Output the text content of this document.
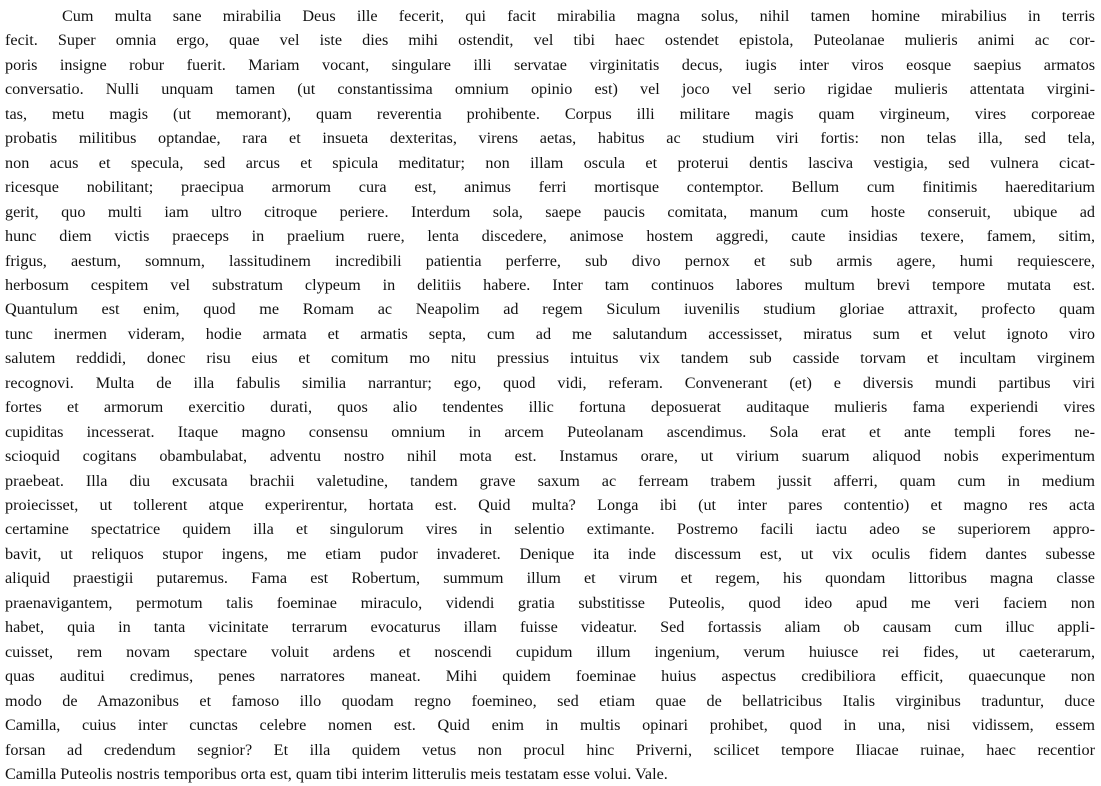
Cum multa sane mirabilia Deus ille fecerit, qui facit mirabilia magna solus, nihil tamen homine mirabilius in terris

fecit. Super omnia ergo, quae vel iste dies mihi ostendit, vel tibi haec ostendet epistola, Puteolanae mulieris animi ac cor-

poris insigne robur fuerit. Mariam vocant, singulare illi servatae virginitatis decus, iugis inter viros eosque saepius armatos

conversatio. Nulli unquam tamen (ut constantissima omnium opinio est) vel joco vel serio rigidae mulieris attentata virgini-

tas, metu magis (ut memorant), quam reverentia prohibente. Corpus illi militare magis quam virgineum, vires corporeae

probatis militibus optandae, rara et insueta dexteritas, virens aetas, habitus ac studium viri fortis: non telas illa, sed tela,

non acus et specula, sed arcus et spicula meditatur; non illam oscula et proterui dentis lasciva vestigia, sed vulnera cicat-

ricesque nobilitant; praecipua armorum cura est, animus ferri mortisque contemptor. Bellum cum finitimis haereditarium

gerit, quo multi iam ultro citroque periere. Interdum sola, saepe paucis comitata, manum cum hoste conseruit, ubique ad

hunc diem victis praeceps in praelium ruere, lenta discedere, animose hostem aggredi, caute insidias texere, famem, sitim,

frigus, aestum, somnum, lassitudinem incredibili patientia perferre, sub divo pernox et sub armis agere, humi requiescere,

herbosum cespitem vel substratum clypeum in delitiis habere. Inter tam continuos labores multum brevi tempore mutata est.

Quantulum est enim, quod me Romam ac Neapolim ad regem Siculum iuvenilis studium gloriae attraxit, profecto quam

tunc inermen videram, hodie armata et armatis septa, cum ad me salutandum accessisset, miratus sum et velut ignoto viro

salutem reddidi, donec risu eius et comitum mo nitu pressius intuitus vix tandem sub casside torvam et incultam virginem

recognovi. Multa de illa fabulis similia narrantur; ego, quod vidi, referam. Convenerant (et) e diversis mundi partibus viri

fortes et armorum exercitio durati, quos alio tendentes illic fortuna deposuerat auditaque mulieris fama experiendi vires

cupiditas incesserat. Itaque magno consensu omnium in arcem Puteolanam ascendimus. Sola erat et ante templi fores ne-

scioquid cogitans obambulabat, adventu nostro nihil mota est. Instamus orare, ut virium suarum aliquod nobis experimentum

praebeat. Illa diu excusata brachii valetudine, tandem grave saxum ac ferream trabem jussit afferri, quam cum in medium

proiecisset, ut tollerent atque experirentur, hortata est. Quid multa? Longa ibi (ut inter pares contentio) et magno res acta

certamine spectatrice quidem illa et singulorum vires in selentio extimante. Postremo facili iactu adeo se superiorem appro-

bavit, ut reliquos stupor ingens, me etiam pudor invaderet. Denique ita inde discessum est, ut vix oculis fidem dantes subesse

aliquid praestigii putaremus. Fama est Robertum, summum illum et virum et regem, his quondam littoribus magna classe

praenavigantem, permotum talis foeminae miraculo, videndi gratia substitisse Puteolis, quod ideo apud me veri faciem non

habet, quia in tanta vicinitate terrarum evocaturus illam fuisse videatur. Sed fortassis aliam ob causam cum illuc appli-

cuisset, rem novam spectare voluit ardens et noscendi cupidum illum ingenium, verum huiusce rei fides, ut caeterarum,

quas auditui credimus, penes narratores maneat. Mihi quidem foeminae huius aspectus credibiliora efficit, quaecunque non

modo de Amazonibus et famoso illo quodam regno foemineo, sed etiam quae de bellatricibus Italis virginibus traduntur, duce

Camilla, cuius inter cunctas celebre nomen est. Quid enim in multis opinari prohibet, quod in una, nisi vidissem, essem

forsan ad credendum segnior? Et illa quidem vetus non procul hinc Priverni, scilicet tempore Iliacae ruinae, haec recentior

Camilla Puteolis nostris temporibus orta est, quam tibi interim litterulis meis testatam esse volui. Vale.
